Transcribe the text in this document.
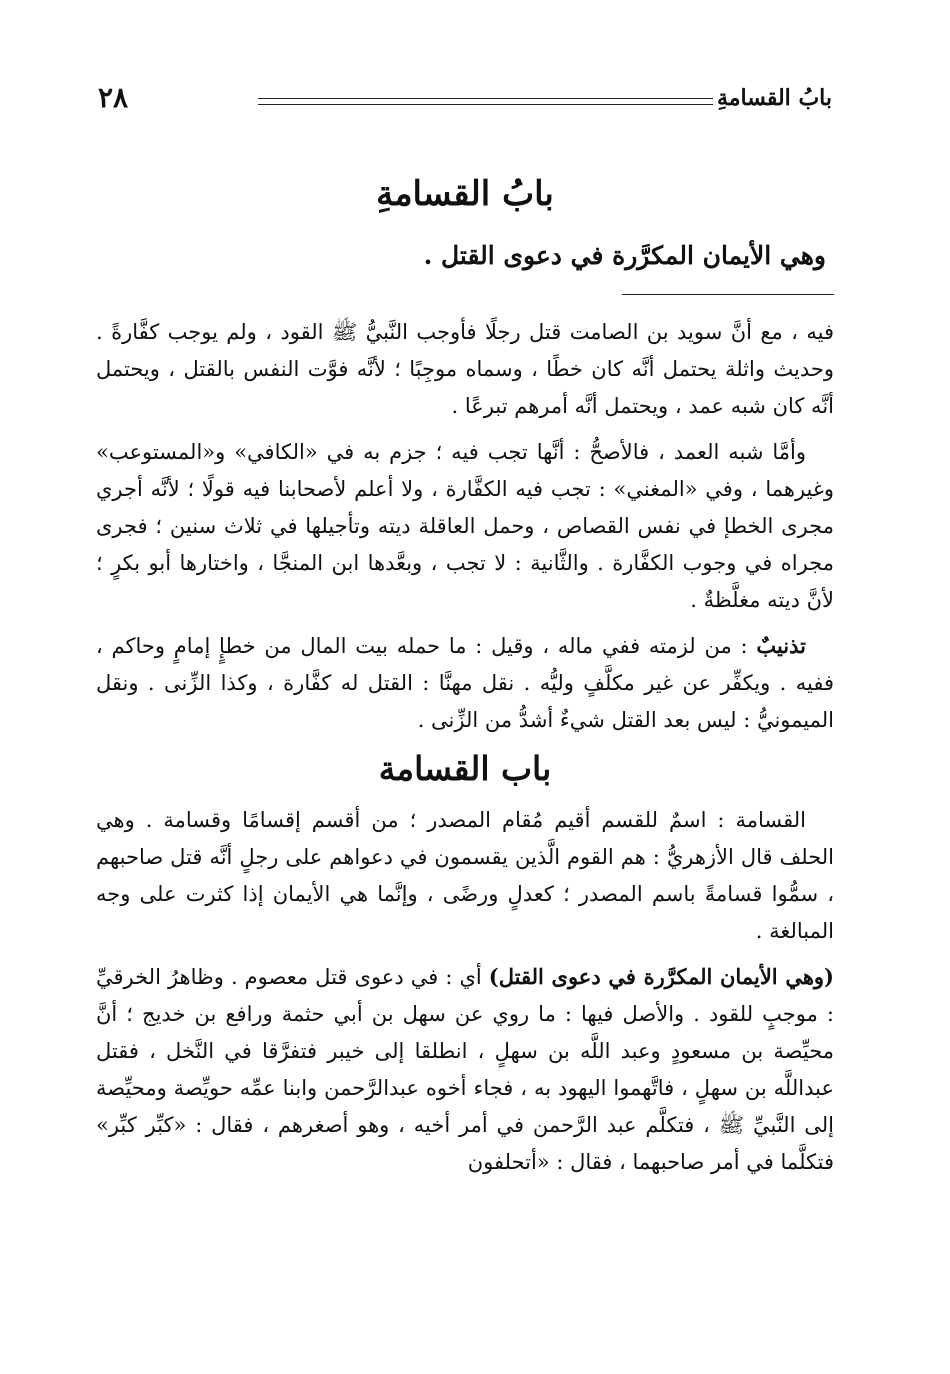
٢٨	بابُ القسامةِ
بابُ القسامةِ
وهي الأيمان المكرَّرة في دعوى القتل .

فيه ، مع أنَّ سويد بن الصامت قتل رجلًا فأوجب النَّبيُّ ﷺ القود ، ولم يوجب كفَّارةً . وحديث واثلة يحتمل أنَّه كان خطًا ، وسماه موجِبًا ؛ لأنَّه فوَّت النفس بالقتل ، ويحتمل أنَّه كان شبه عمد ، ويحتمل أنَّه أمرهم تبرعًا .

وأمَّا شبه العمد ، فالأصحُّ : أنَّها تجب فيه ؛ جزم به في «الكافي» و«المستوعب» وغيرهما ، وفي «المغني» : تجب فيه الكفَّارة ، ولا أعلم لأصحابنا فيه قولًا ؛ لأنَّه أجري مجرى الخطإ في نفس القصاص ، وحمل العاقلة ديته وتأجيلها في ثلاث سنين ؛ فجرى مجراه في وجوب الكفَّارة . والثَّانية : لا تجب ، وبعَّدها ابن المنجَّا ، واختارها أبو بكرٍ ؛ لأنَّ ديته مغلَّظةٌ .

تذنيبٌ : من لزمته ففي ماله ، وقيل : ما حمله بيت المال من خطإٍ إمامٍ وحاكم ، ففيه . ويكفِّر عن غير مكلَّفٍ وليُّه . نقل مهنَّا : القتل له كفَّارة ، وكذا الزِّنى . ونقل الميمونيُّ : ليس بعد القتل شيءٌ أشدُّ من الزِّنى .

باب القسامة

القسامة : اسمٌ للقسم أقيم مُقام المصدر ؛ من أقسم إقسامًا وقسامة . وهي الحلف قال الأزهريُّ : هم القوم الَّذين يقسمون في دعواهم على رجلٍ أنَّه قتل صاحبهم ، سمُّوا قسامةً باسم المصدر ؛ كعدلٍ ورضًى ، وإنَّما هي الأيمان إذا كثرت على وجه المبالغة .

(وهي الأيمان المكرَّرة في دعوى القتل) أي : في دعوى قتل معصوم . وظاهرُ الخرقيِّ : موجبٍ للقود . والأصل فيها : ما روي عن سهل بن أبي حثمة ورافع بن خديج ؛ أنَّ محيِّصة بن مسعودٍ وعبد اللَّه بن سهلٍ ، انطلقا إلى خيبر فتفرَّقا في النَّخل ، فقتل عبداللَّه بن سهلٍ ، فاتَّهموا اليهود به ، فجاء أخوه عبدالرَّحمن وابنا عمِّه حويِّصة ومحيِّصة إلى النَّبيِّ ﷺ ، فتكلَّم عبد الرَّحمن في أمر أخيه ، وهو أصغرهم ، فقال : «كبِّر كبِّر» فتكلَّما في أمر صاحبهما ، فقال : «أتحلفون
